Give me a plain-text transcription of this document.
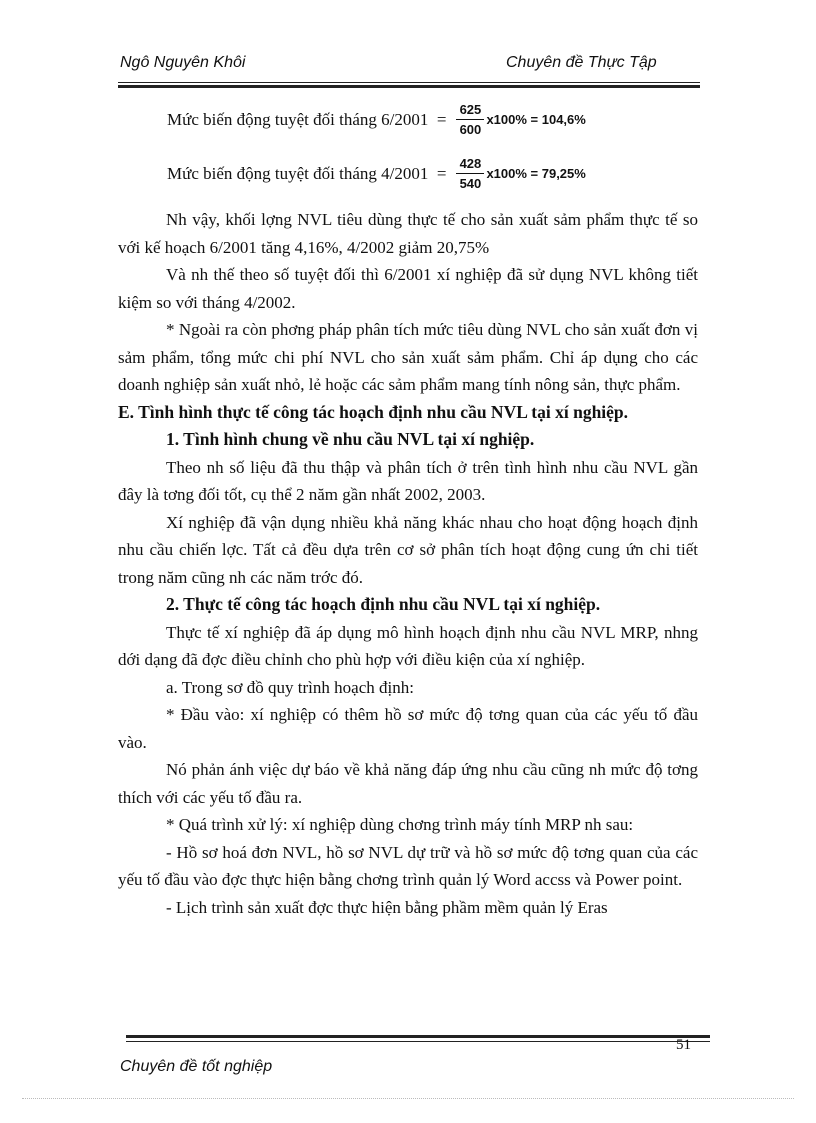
Ngô Nguyên Khôi	Chuyên đề Thực Tập
Mức biến động tuyệt đối tháng $6/2001 = \frac{625}{600} x100\% = 104,6\%$
Mức biến động tuyệt đối tháng $4/2001 = \frac{428}{540} x100\% = 79,25\%$

Nh vậy, khối lợng NVL tiêu dùng thực tế cho sản xuất sảm phẩm thực tế so với kế hoạch 6/2001 tăng 4,16%, 4/2002 giảm 20,75%

Và nh thế theo số tuyệt đối thì 6/2001 xí nghiệp đã sử dụng NVL không tiết kiệm so với tháng 4/2002.

* Ngoài ra còn phơng pháp phân tích mức tiêu dùng NVL cho sản xuất đơn vị sảm phẩm, tổng mức chi phí NVL cho sản xuất sảm phẩm. Chỉ áp dụng cho các doanh nghiệp sản xuất nhỏ, lẻ hoặc các sảm phẩm mang tính nông sản, thực phẩm.

E. Tình hình thực tế công tác hoạch định nhu cầu NVL tại xí nghiệp.

1. Tình hình chung về nhu cầu NVL tại xí nghiệp.

Theo nh số liệu đã thu thập và phân tích ở trên tình hình nhu cầu NVL gần đây là tơng đối tốt, cụ thể 2 năm gần nhất 2002, 2003.

Xí nghiệp đã vận dụng nhiều khả năng khác nhau cho hoạt động hoạch định nhu cầu chiến lợc. Tất cả đều dựa trên cơ sở phân tích hoạt động cung ứn chi tiết trong năm cũng nh các năm trớc đó.

2. Thực tế công tác hoạch định nhu cầu NVL tại xí nghiệp.

Thực tế xí nghiệp đã áp dụng mô hình hoạch định nhu cầu NVL MRP, nhng dới dạng đã đợc điều chỉnh cho phù hợp với điều kiện của xí nghiệp.

a. Trong sơ đồ quy trình hoạch định:

* Đầu vào: xí nghiệp có thêm hồ sơ mức độ tơng quan của các yếu tố đầu vào.

Nó phản ánh việc dự báo về khả năng đáp ứng nhu cầu cũng nh mức độ tơng thích với các yếu tố đầu ra.

* Quá trình xử lý: xí nghiệp dùng chơng trình máy tính MRP nh sau:

- Hồ sơ hoá đơn NVL, hồ sơ NVL dự trữ và hồ sơ mức độ tơng quan của các yếu tố đầu vào đợc thực hiện bằng chơng trình quản lý Word accss và Power point.

- Lịch trình sản xuất đợc thực hiện bằng phầm mềm quản lý Eras

51
Chuyên đề tốt nghiệp
